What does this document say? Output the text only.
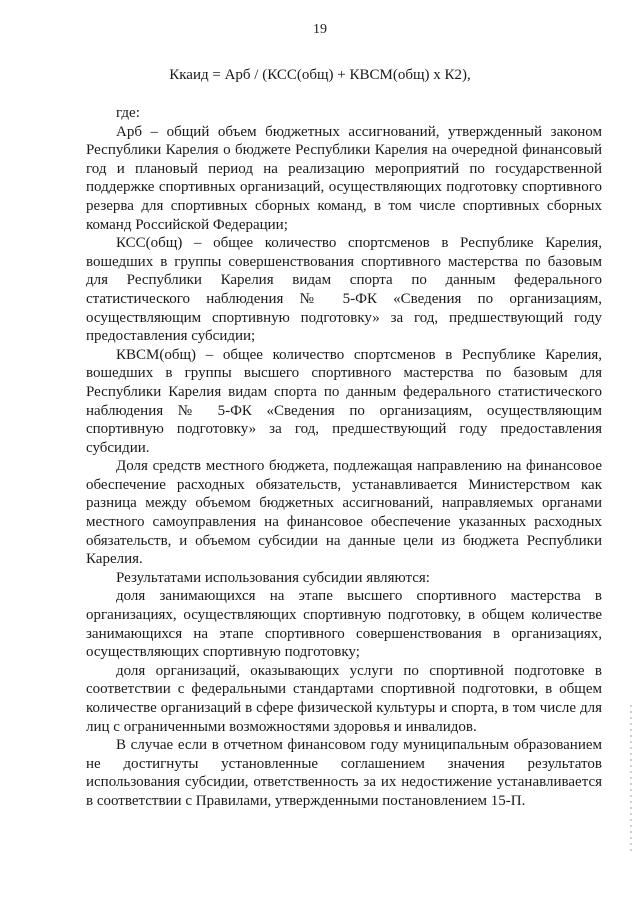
19
Ккаид = Арб / (КСС(общ) + КВСМ(общ) х К2),

где:

Арб – общий объем бюджетных ассигнований, утвержденный законом Республики Карелия о бюджете Республики Карелия на очередной финансовый год и плановый период на реализацию мероприятий по государственной поддержке спортивных организаций, осуществляющих подготовку спортивного резерва для спортивных сборных команд, в том числе спортивных сборных команд Российской Федерации;

КСС(общ) – общее количество спортсменов в Республике Карелия, вошедших в группы совершенствования спортивного мастерства по базовым для Республики Карелия видам спорта по данным федерального статистического наблюдения № 5-ФК «Сведения по организациям, осуществляющим спортивную подготовку» за год, предшествующий году предоставления субсидии;

КВСМ(общ) – общее количество спортсменов в Республике Карелия, вошедших в группы высшего спортивного мастерства по базовым для Республики Карелия видам спорта по данным федерального статистического наблюдения № 5-ФК «Сведения по организациям, осуществляющим спортивную подготовку» за год, предшествующий году предоставления субсидии.

Доля средств местного бюджета, подлежащая направлению на финансовое обеспечение расходных обязательств, устанавливается Министерством как разница между объемом бюджетных ассигнований, направляемых органами местного самоуправления на финансовое обеспечение указанных расходных обязательств, и объемом субсидии на данные цели из бюджета Республики Карелия.

Результатами использования субсидии являются:

доля занимающихся на этапе высшего спортивного мастерства в организациях, осуществляющих спортивную подготовку, в общем количестве занимающихся на этапе спортивного совершенствования в организациях, осуществляющих спортивную подготовку;

доля организаций, оказывающих услуги по спортивной подготовке в соответствии с федеральными стандартами спортивной подготовки, в общем количестве организаций в сфере физической культуры и спорта, в том числе для лиц с ограниченными возможностями здоровья и инвалидов.

В случае если в отчетном финансовом году муниципальным образованием не достигнуты установленные соглашением значения результатов использования субсидии, ответственность за их недостижение устанавливается в соответствии с Правилами, утвержденными постановлением 15-П.
